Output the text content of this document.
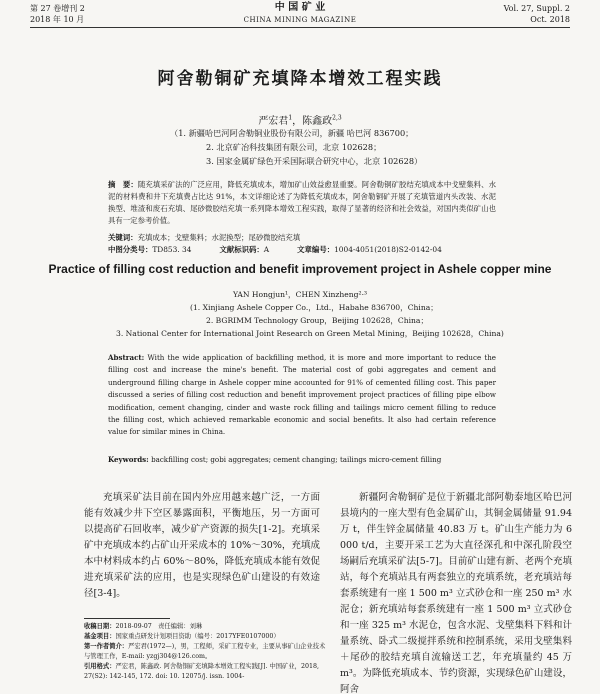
第 27 卷增刊 2
2018 年 10 月
中 国 矿 业
CHINA MINING MAGAZINE
Vol. 27, Suppl. 2
Oct. 2018
阿舍勒铜矿充填降本增效工程实践
严宏君$^1$，陈鑫政$^{2,3}$
（1. 新疆哈巴河阿舍勒铜业股份有限公司，新疆 哈巴河 836700；
2. 北京矿冶科技集团有限公司，北京 102628；
3. 国家金属矿绿色开采国际联合研究中心，北京 102628）
摘　要：随充填采矿法的广泛应用，降低充填成本，增加矿山效益愈显重要。阿舍勒铜矿胶结充填成本中戈壁集料、水泥的材料费和井下充填费占比达 91%，本文详细论述了为降低充填成本，阿舍勒铜矿开展了充填管道内头改装、水泥换型、堆渣和废石充填、尾砂微胶结充填一系列降本增效工程实践，取得了显著的经济和社会效益，对国内类似矿山也具有一定参考价值。
关键词：充填成本；戈壁集料；水泥换型；尾砂微胶结充填
中图分类号：TD853. 34	文献标识码：A	文章编号：1004-4051(2018)S2-0142-04
Practice of filling cost reduction and benefit improvement project in Ashele copper mine
YAN Hongjun¹，CHEN Xinzheng²·³
(1. Xinjiang Ashele Copper Co.，Ltd.，Habahe 836700，China；
2. BGRIMM Technology Group，Beijing 102628，China；
3. National Center for International Joint Research on Green Metal Mining，Beijing 102628，China)
Abstract: With the wide application of backfilling method, it is more and more important to reduce the filling cost and increase the mine's benefit. The material cost of gobi aggregates and cement and underground filling charge in Ashele copper mine accounted for 91% of cemented filling cost. This paper discussed a series of filling cost reduction and benefit improvement project practices of filling pipe elbow modification, cement changing, cinder and waste rock filling and tailings micro cement filling to reduce the filling cost, which achieved remarkable economic and social benefits. It also had certain reference value for similar mines in China.
Keywords: backfilling cost; gobi aggregates; cement changing; tailings micro-cement filling
充填采矿法目前在国内外应用越来越广泛，一方面能有效减少井下空区暴露面积，平衡地压，另一方面可以提高矿石回收率，减少矿产资源的损失[1-2]。充填采矿中充填成本约占矿山开采成本的 10%～30%，充填成本中材料成本约占 60%～80%，降低充填成本能有效促进充填采矿法的应用，也是实现绿色矿山建设的有效途径[3-4]。
新疆阿舍勒铜矿是位于新疆北部阿勒泰地区哈巴河县境内的一座大型有色金属矿山，其铜金属储量 91.94 万 t，伴生锌金属储量 40.83 万 t。矿山生产能力为 6 000 t/d，主要开采工艺为大直径深孔和中深孔阶段空场嗣后充填采矿法[5-7]。目前矿山建有新、老两个充填站，每个充填站具有两套独立的充填系统，老充填站每套系统建有一座 1 500 m³ 立式砂仓和一座 250 m³ 水泥仓；新充填站每套系统建有一座 1 500 m³ 立式砂仓和一座 325 m³ 水泥仓，包含水泥、戈壁集料下料和计量系统、卧式二级搅拌系统和控制系统，采用戈壁集料＋尾砂的胶结充填自流输送工艺，年充填量约 45 万 m³。为降低充填成本、节约资源，实现绿色矿山建设，阿舍
收稿日期：2018-09-07　责任编辑：刘琳
基金项目：国家重点研发计划项目资助（编号：2017YFE0107000）
第一作者简介：严宏君(1972—)，男，工程师，采矿工程专业，主要从事矿山企业技术与管理工作，E-mail: yzgj304@126.com。
引用格式：严宏君，陈鑫政. 阿舍勒铜矿充填降本增效工程实践[J]. 中国矿业，2018, 27(S2): 142-145, 172. doi: 10. 12075/j. issn. 1004-
